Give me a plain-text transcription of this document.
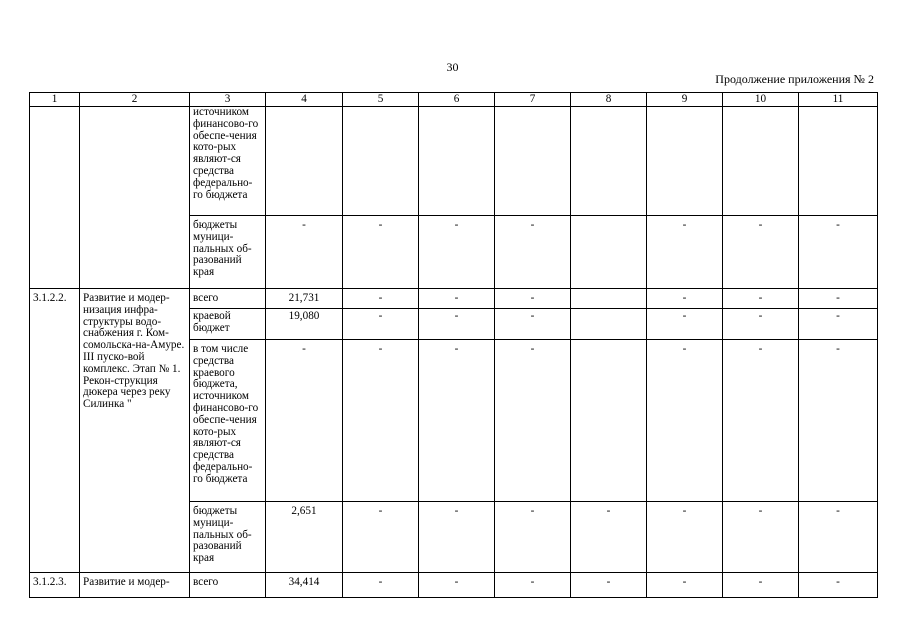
30
Продолжение приложения № 2
1	2	3	4	5	6	7	8	9	10	11
		источником финансово-го обеспе-чения кото-рых являют-ся средства федерально-го бюджета								
		бюджеты муници-пальных об-разований края	-	-	-	-		-	-	-
3.1.2.2.	Развитие и модер-низация инфра-структуры водо-снабжения г. Ком-сомольска-на-Амуре. III пуско-вой комплекс. Этап № 1. Рекон-струкция дюкера через реку Силинка "	всего	21,731	-	-	-		-	-	-
		краевой бюджет	19,080	-	-	-		-	-	-
		в том числе средства краевого бюджета, источником финансово-го обеспе-чения кото-рых являют-ся средства федерально-го бюджета	-	-	-	-		-	-	-
		бюджеты муници-пальных об-разований края	2,651	-	-	-	-	-	-	-
3.1.2.3.	Развитие и модер-	всего	34,414	-	-	-	-	-	-	-
